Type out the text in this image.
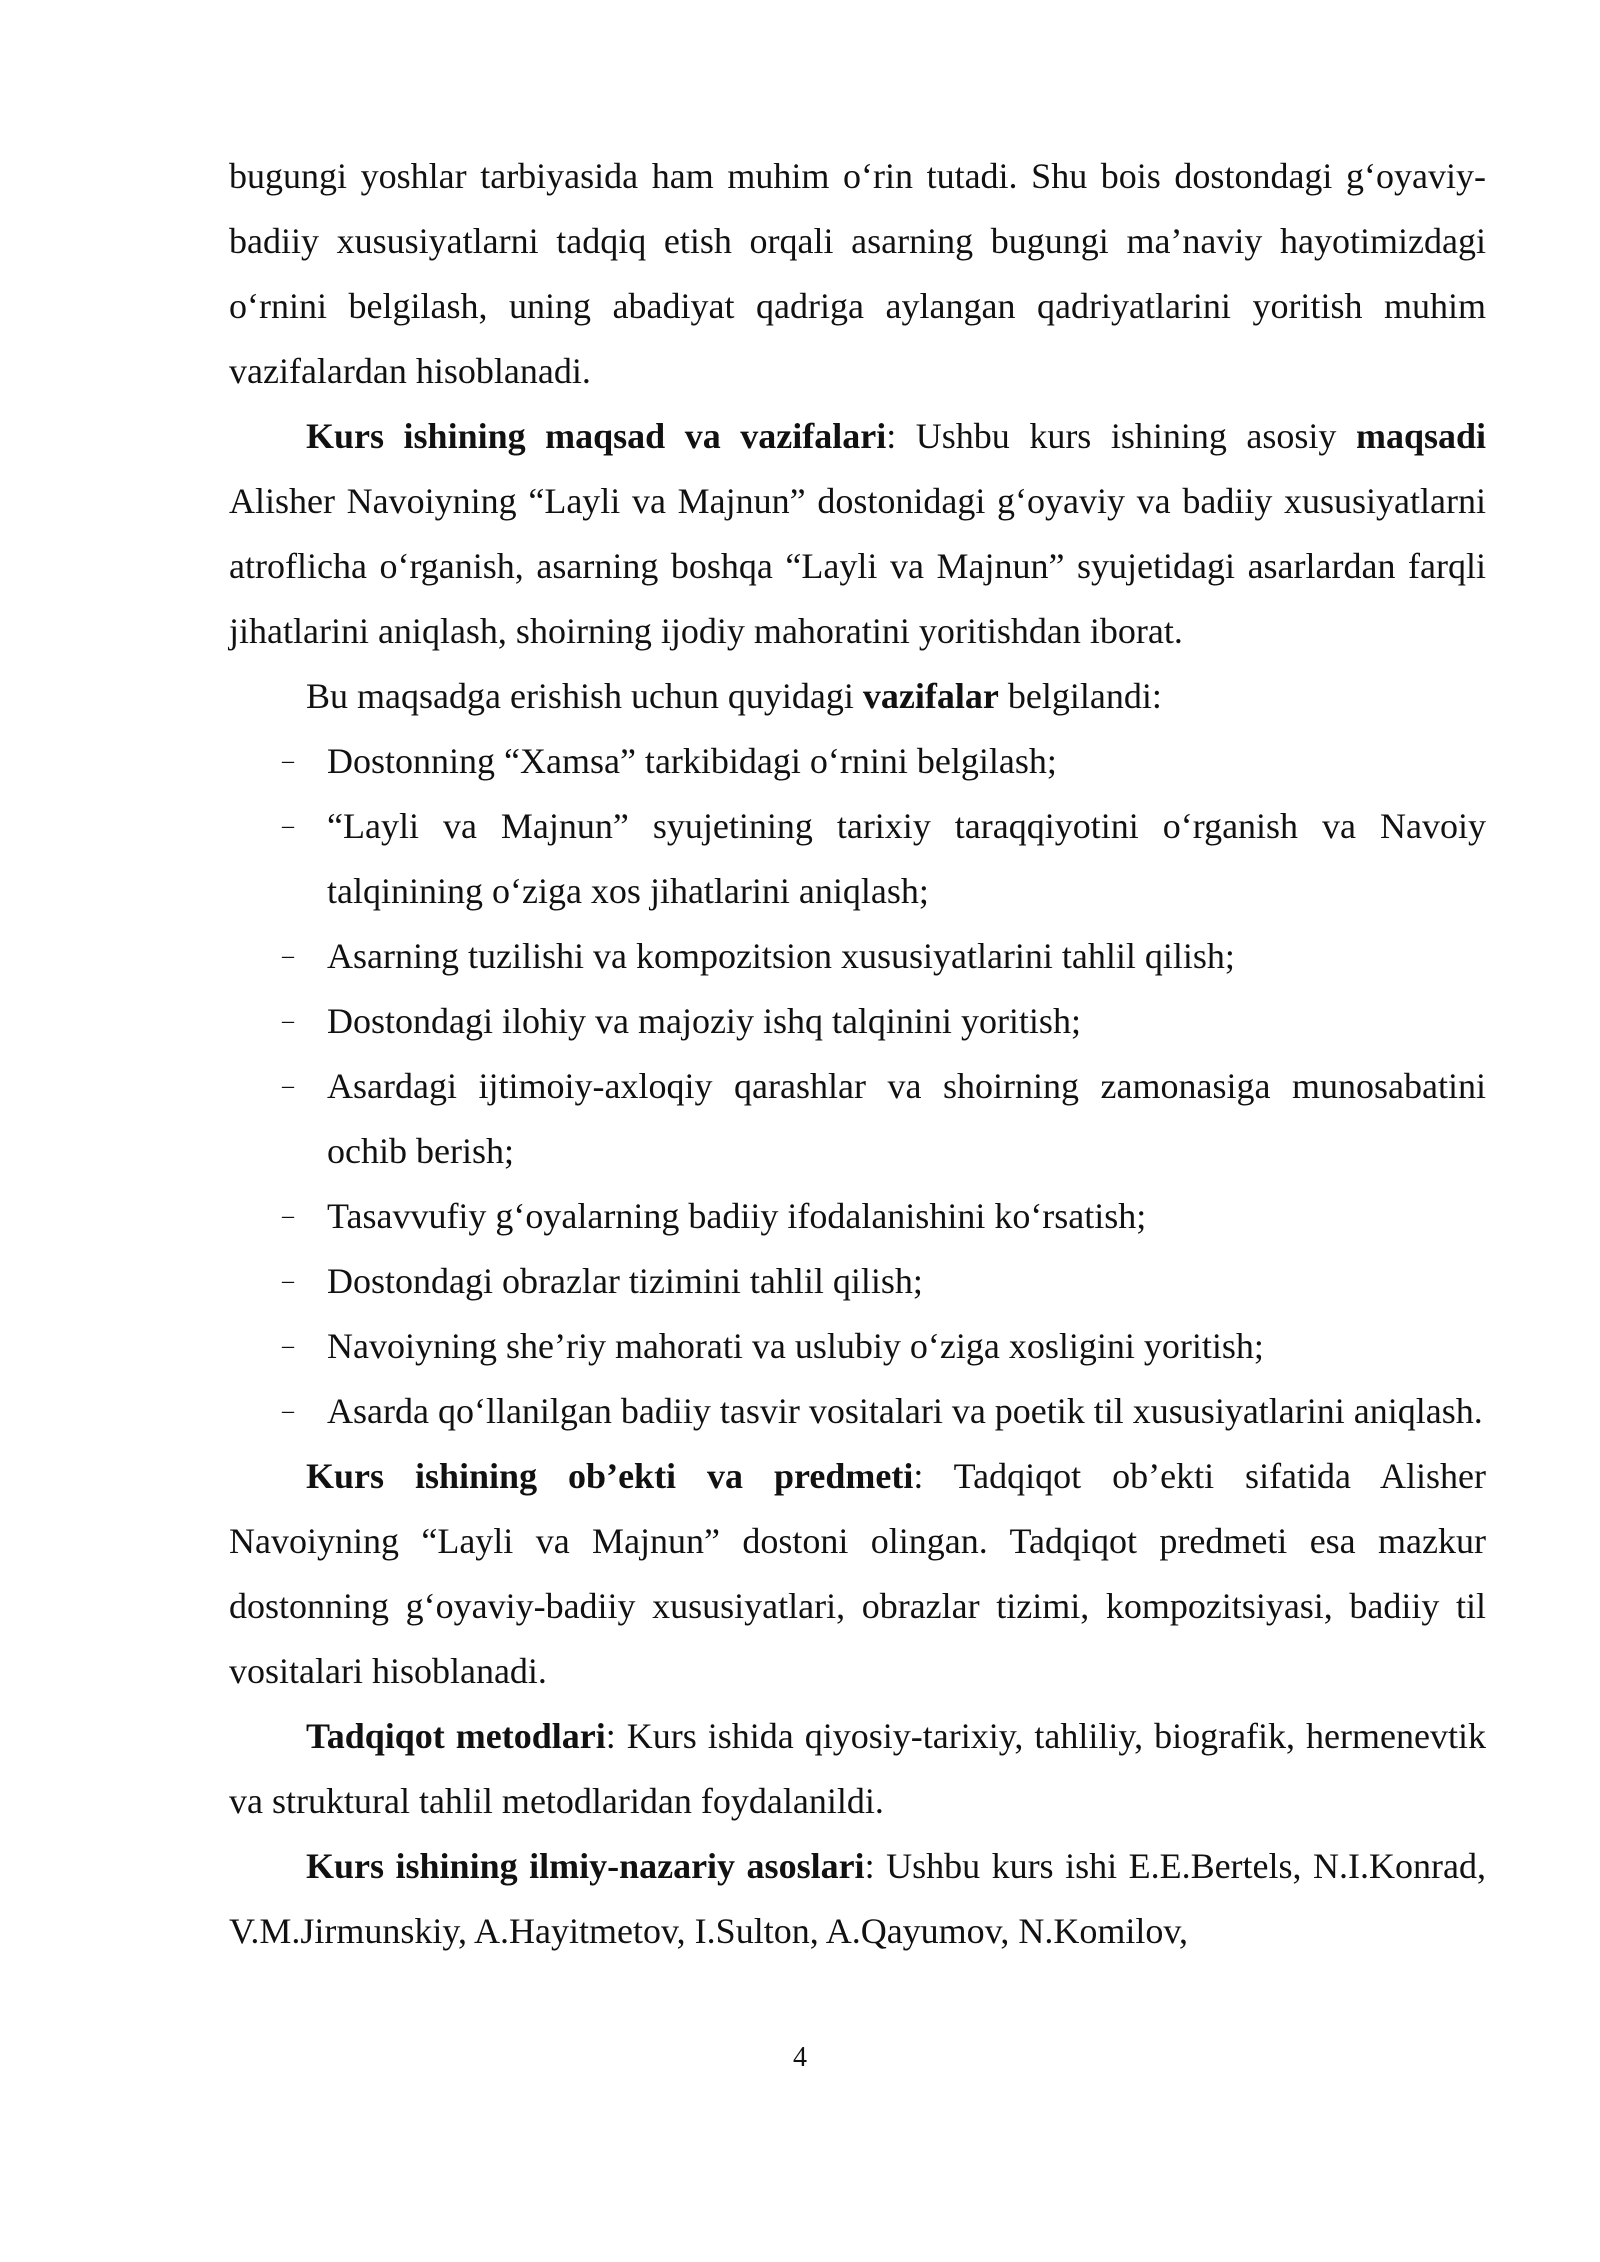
bugungi yoshlar tarbiyasida ham muhim o‘rin tutadi. Shu bois dostondagi g‘oyaviy-badiiy xususiyatlarni tadqiq etish orqali asarning bugungi ma’naviy hayotimizdagi o‘rnini belgilash, uning abadiyat qadriga aylangan qadriyatlarini yoritish muhim vazifalardan hisoblanadi.

Kurs ishining maqsad va vazifalari: Ushbu kurs ishining asosiy maqsadi Alisher Navoiyning “Layli va Majnun” dostonidagi g‘oyaviy va badiiy xususiyatlarni atroflicha o‘rganish, asarning boshqa “Layli va Majnun” syujetidagi asarlardan farqli jihatlarini aniqlash, shoirning ijodiy mahoratini yoritishdan iborat.

Bu maqsadga erishish uchun quyidagi vazifalar belgilandi:

– Dostonning “Xamsa” tarkibidagi o‘rnini belgilash;
– “Layli va Majnun” syujetining tarixiy taraqqiyotini o‘rganish va Navoiy talqinining o‘ziga xos jihatlarini aniqlash;
– Asarning tuzilishi va kompozitsion xususiyatlarini tahlil qilish;
– Dostondagi ilohiy va majoziy ishq talqinini yoritish;
– Asardagi ijtimoiy-axloqiy qarashlar va shoirning zamonasiga munosabatini ochib berish;
– Tasavvufiy g‘oyalarning badiiy ifodalanishini ko‘rsatish;
– Dostondagi obrazlar tizimini tahlil qilish;
– Navoiyning she’riy mahorati va uslubiy o‘ziga xosligini yoritish;
– Asarda qo‘llanilgan badiiy tasvir vositalari va poetik til xususiyatlarini aniqlash.

Kurs ishining ob’ekti va predmeti: Tadqiqot ob’ekti sifatida Alisher Navoiyning “Layli va Majnun” dostoni olingan. Tadqiqot predmeti esa mazkur dostonning g‘oyaviy-badiiy xususiyatlari, obrazlar tizimi, kompozitsiyasi, badiiy til vositalari hisoblanadi.

Tadqiqot metodlari: Kurs ishida qiyosiy-tarixiy, tahliliy, biografik, hermenevtik va struktural tahlil metodlaridan foydalanildi.

Kurs ishining ilmiy-nazariy asoslari: Ushbu kurs ishi E.E.Bertels, N.I.Konrad, V.M.Jirmunskiy, A.Hayitmetov, I.Sulton, A.Qayumov, N.Komilov,

4
